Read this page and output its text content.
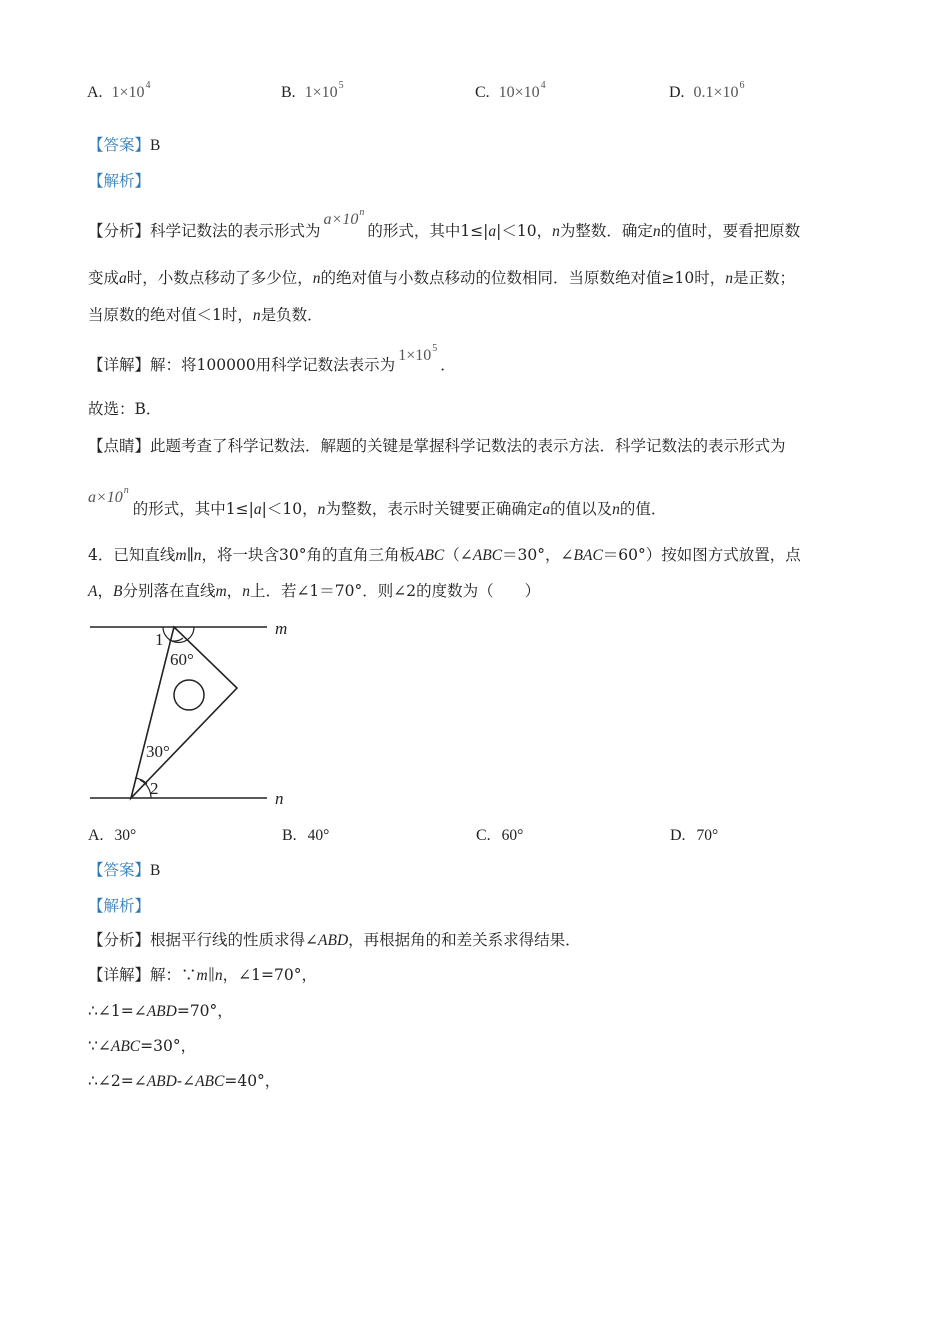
A. $1\times 10^4$	B. $1\times 10^5$	C. $10\times 10^4$	D. $0.1\times 10^6$
【答案】B
【解析】
【分析】科学记数法的表示形式为$a\times 10^n$的形式，其中1≤|a|＜10，n为整数．确定n的值时，要看把原数
变成a时，小数点移动了多少位，n的绝对值与小数点移动的位数相同．当原数绝对值≥10时，n是正数；
当原数的绝对值＜1时，n是负数．
【详解】解：将100000用科学记数法表示为$1\times 10^5$．
故选：B．
【点睛】此题考查了科学记数法．解题的关键是掌握科学记数法的表示方法．科学记数法的表示形式为
$a\times 10^n$的形式，其中1≤|a|＜10，n为整数，表示时关键要正确确定a的值以及n的值．
4．已知直线m∥n，将一块含30°角的直角三角板ABC（∠ABC＝30°，∠BAC＝60°）按如图方式放置，点
A，B分别落在直线m，n上．若∠1＝70°．则∠2的度数为（　　）
m
n
1
60°
30°
2
A. 30°	B. 40°	C. 60°	D. 70°
【答案】B
【解析】
【分析】根据平行线的性质求得∠ABD，再根据角的和差关系求得结果．
【详解】解：∵m∥n，∠1=70°，
∴∠1=∠ABD=70°，
∵∠ABC=30°，
∴∠2=∠ABD-∠ABC=40°，
